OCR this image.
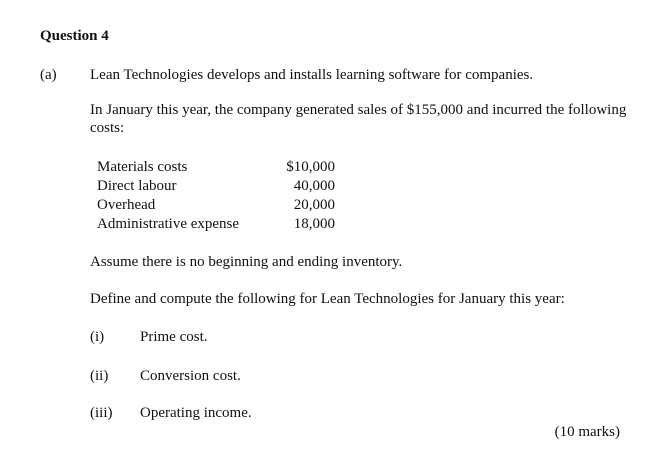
Question 4
(a) Lean Technologies develops and installs learning software for companies.
In January this year, the company generated sales of $155,000 and incurred the following costs:
Materials costs	$10,000
Direct labour	40,000
Overhead	20,000
Administrative expense	18,000
Assume there is no beginning and ending inventory.
Define and compute the following for Lean Technologies for January this year:
(i) Prime cost.
(ii) Conversion cost.
(iii) Operating income.
(10 marks)
